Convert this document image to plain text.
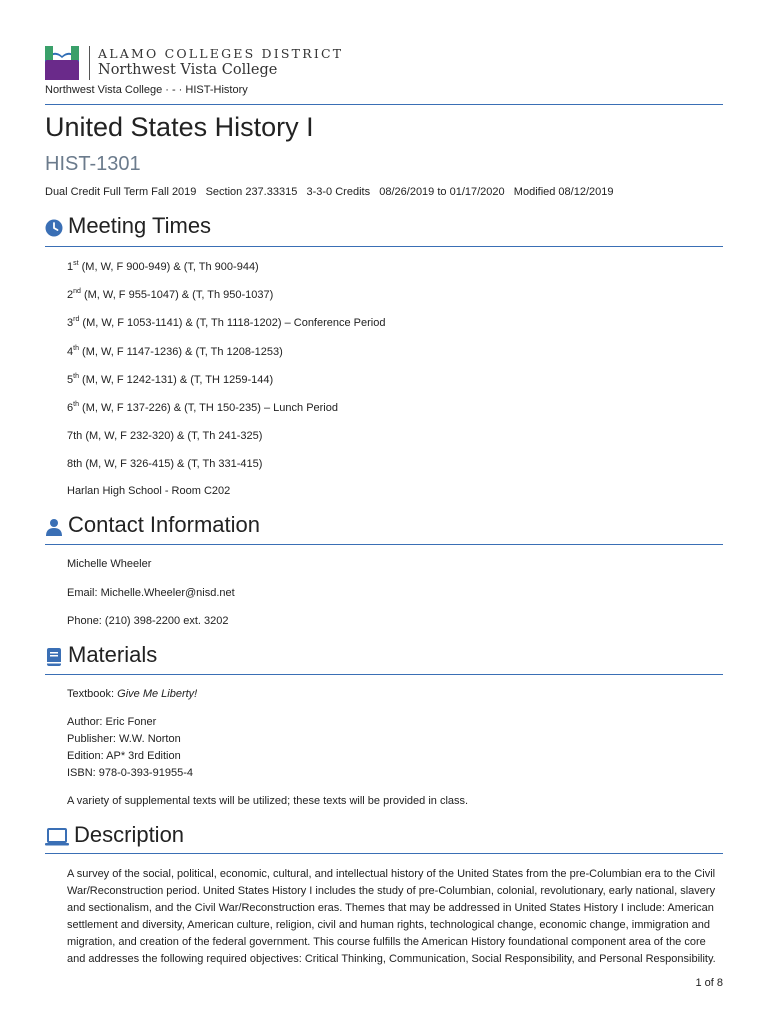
ALAMO COLLEGES DISTRICT
Northwest Vista College
Northwest Vista College · - · HIST-History
United States History I
HIST-1301
Dual Credit Full Term Fall 2019   Section 237.33315   3-3-0 Credits   08/26/2019 to 01/17/2020   Modified 08/12/2019
Meeting Times
1st (M, W, F 900-949) & (T, Th 900-944)
2nd (M, W, F 955-1047) & (T, Th 950-1037)
3rd (M, W, F 1053-1141) & (T, Th 1118-1202) – Conference Period
4th (M, W, F 1147-1236) & (T, Th 1208-1253)
5th (M, W, F 1242-131) & (T, TH 1259-144)
6th (M, W, F 137-226) & (T, TH 150-235) – Lunch Period
7th (M, W, F 232-320) & (T, Th 241-325)
8th (M, W, F 326-415) & (T, Th 331-415)
Harlan High School - Room C202
Contact Information
Michelle Wheeler
Email: Michelle.Wheeler@nisd.net
Phone: (210) 398-2200 ext. 3202
Materials
Textbook: Give Me Liberty!
Author: Eric Foner
Publisher: W.W. Norton
Edition: AP* 3rd Edition
ISBN: 978-0-393-91955-4
A variety of supplemental texts will be utilized; these texts will be provided in class.
Description
A survey of the social, political, economic, cultural, and intellectual history of the United States from the pre-Columbian era to the Civil War/Reconstruction period. United States History I includes the study of pre-Columbian, colonial, revolutionary, early national, slavery and sectionalism, and the Civil War/Reconstruction eras. Themes that may be addressed in United States History I include: American settlement and diversity, American culture, religion, civil and human rights, technological change, economic change, immigration and migration, and creation of the federal government. This course fulfills the American History foundational component area of the core and addresses the following required objectives: Critical Thinking, Communication, Social Responsibility, and Personal Responsibility.
1 of 8
